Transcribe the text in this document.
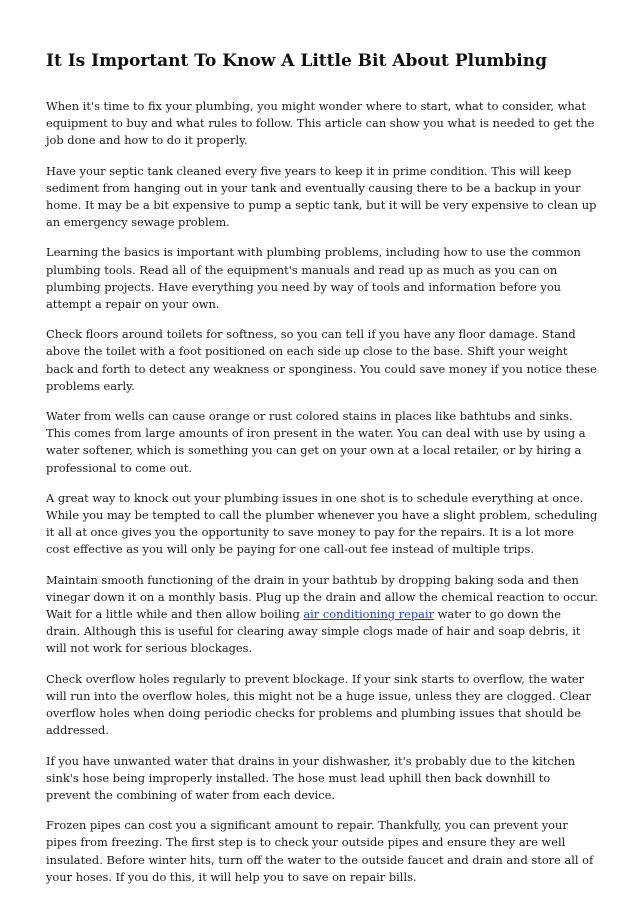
It Is Important To Know A Little Bit About Plumbing

When it's time to fix your plumbing, you might wonder where to start, what to consider, what equipment to buy and what rules to follow. This article can show you what is needed to get the job done and how to do it properly.

Have your septic tank cleaned every five years to keep it in prime condition. This will keep sediment from hanging out in your tank and eventually causing there to be a backup in your home. It may be a bit expensive to pump a septic tank, but it will be very expensive to clean up an emergency sewage problem.

Learning the basics is important with plumbing problems, including how to use the common plumbing tools. Read all of the equipment's manuals and read up as much as you can on plumbing projects. Have everything you need by way of tools and information before you attempt a repair on your own.

Check floors around toilets for softness, so you can tell if you have any floor damage. Stand above the toilet with a foot positioned on each side up close to the base. Shift your weight back and forth to detect any weakness or sponginess. You could save money if you notice these problems early.

Water from wells can cause orange or rust colored stains in places like bathtubs and sinks. This comes from large amounts of iron present in the water. You can deal with use by using a water softener, which is something you can get on your own at a local retailer, or by hiring a professional to come out.

A great way to knock out your plumbing issues in one shot is to schedule everything at once. While you may be tempted to call the plumber whenever you have a slight problem, scheduling it all at once gives you the opportunity to save money to pay for the repairs. It is a lot more cost effective as you will only be paying for one call-out fee instead of multiple trips.

Maintain smooth functioning of the drain in your bathtub by dropping baking soda and then vinegar down it on a monthly basis. Plug up the drain and allow the chemical reaction to occur. Wait for a little while and then allow boiling air conditioning repair water to go down the drain. Although this is useful for clearing away simple clogs made of hair and soap debris, it will not work for serious blockages.

Check overflow holes regularly to prevent blockage. If your sink starts to overflow, the water will run into the overflow holes, this might not be a huge issue, unless they are clogged. Clear overflow holes when doing periodic checks for problems and plumbing issues that should be addressed.

If you have unwanted water that drains in your dishwasher, it's probably due to the kitchen sink's hose being improperly installed. The hose must lead uphill then back downhill to prevent the combining of water from each device.

Frozen pipes can cost you a significant amount to repair. Thankfully, you can prevent your pipes from freezing. The first step is to check your outside pipes and ensure they are well insulated. Before winter hits, turn off the water to the outside faucet and drain and store all of your hoses. If you do this, it will help you to save on repair bills.
